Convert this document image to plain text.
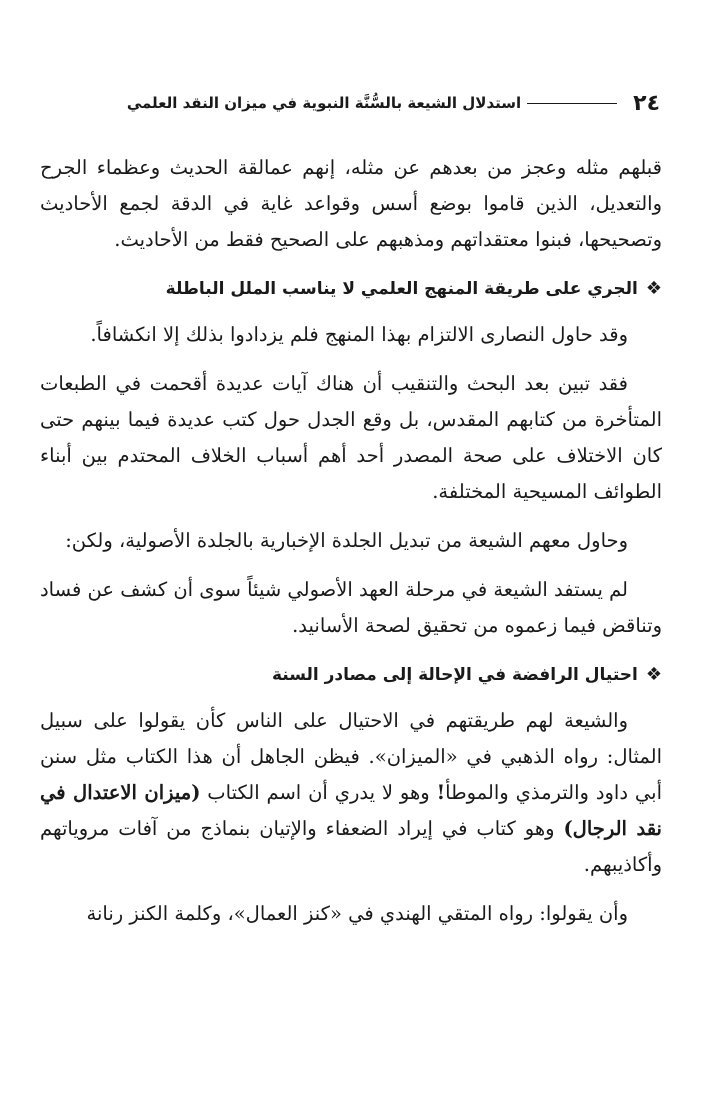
٢٤
استدلال الشيعة بالسُّنَّة النبوية في ميزان النقد العلمي

قبلهم مثله وعجز من بعدهم عن مثله، إنهم عمالقة الحديث وعظماء الجرح والتعديل، الذين قاموا بوضع أسس وقواعد غاية في الدقة لجمع الأحاديث وتصحيحها، فبنوا معتقداتهم ومذهبهم على الصحيح فقط من الأحاديث.

❖
الجري على طريقة المنهج العلمي لا يناسب الملل الباطلة

وقد حاول النصارى الالتزام بهذا المنهج فلم يزدادوا بذلك إلا انكشافاً.

فقد تبين بعد البحث والتنقيب أن هناك آيات عديدة أقحمت في الطبعات المتأخرة من كتابهم المقدس، بل وقع الجدل حول كتب عديدة فيما بينهم حتى كان الاختلاف على صحة المصدر أحد أهم أسباب الخلاف المحتدم بين أبناء الطوائف المسيحية المختلفة.

وحاول معهم الشيعة من تبديل الجلدة الإخبارية بالجلدة الأصولية، ولكن:

لم يستفد الشيعة في مرحلة العهد الأصولي شيئاً سوى أن كشف عن فساد وتناقض فيما زعموه من تحقيق لصحة الأسانيد.

❖
احتيال الرافضة في الإحالة إلى مصادر السنة

والشيعة لهم طريقتهم في الاحتيال على الناس كأن يقولوا على سبيل المثال: رواه الذهبي في «الميزان». فيظن الجاهل أن هذا الكتاب مثل سنن أبي داود والترمذي والموطأ! وهو لا يدري أن اسم الكتاب (ميزان الاعتدال في نقد الرجال) وهو كتاب في إيراد الضعفاء والإتيان بنماذج من آفات مروياتهم وأكاذيبهم.

وأن يقولوا: رواه المتقي الهندي في «كنز العمال»، وكلمة الكنز رنانة
